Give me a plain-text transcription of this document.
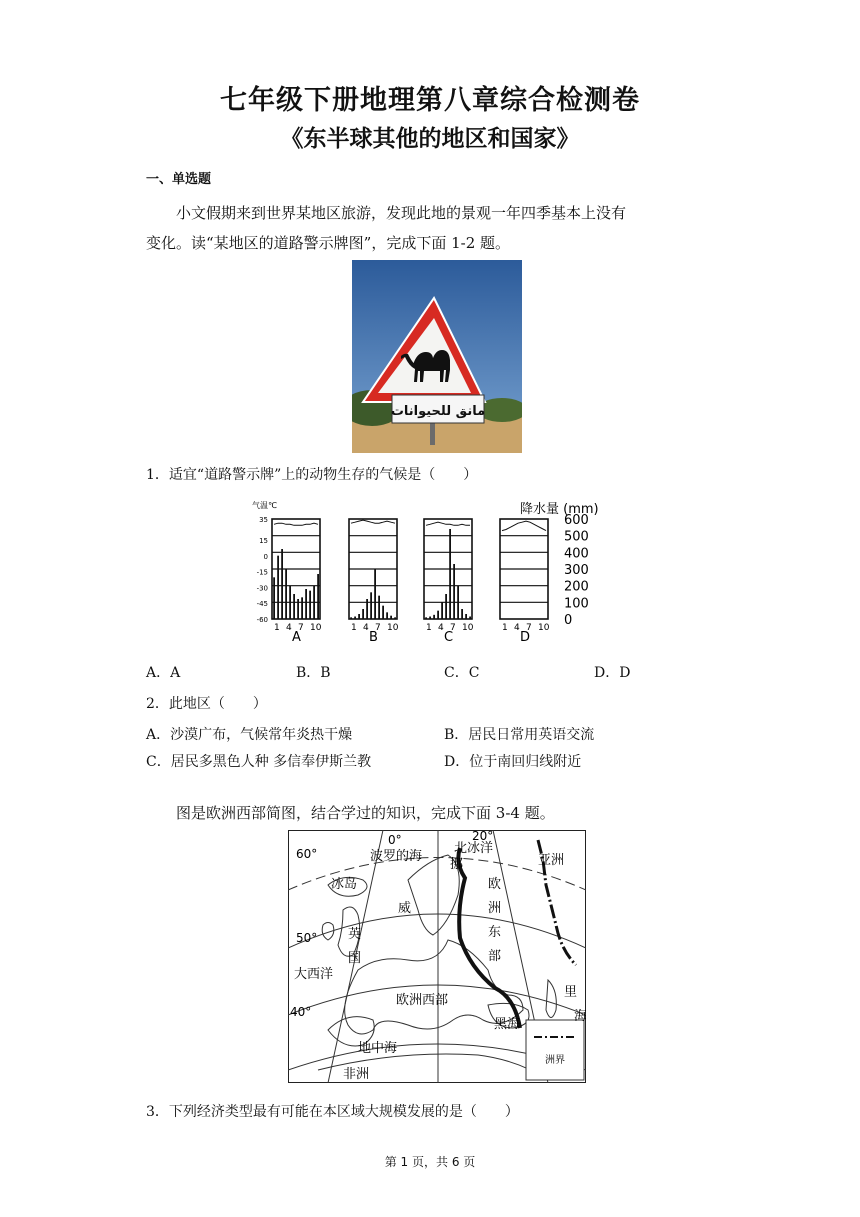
七年级下册地理第八章综合检测卷
《东半球其他的地区和国家》
一、单选题
小文假期来到世界某地区旅游，发现此地的景观一年四季基本上没有
变化。读“某地区的道路警示牌图”，完成下面 1-2 题。
مانق للحيوانات
1．适宜“道路警示牌”上的动物生存的气候是（　　）
气温℃
35
15
0
-15
-30
-45
-60
降水量 (mm)
600
500
400
300
200
100
0
1 4 7 10
A
1 4 7 10
B
1 4 7 10
C
1 4 7 10
D
A．A	B．B	C．C	D．D
2．此地区（　　）
A．沙漠广布，气候常年炎热干燥	B．居民日常用英语交流
C．居民多黑色人种 多信奉伊斯兰教	D．位于南回归线附近
图是欧洲西部简图，结合学过的知识，完成下面 3-4 题。
洲界
60°
50°
40°
0°	20°
波罗的海
北冰洋
亚洲
冰岛
挪
威
英
国
大西洋
欧
洲
东
部
欧洲西部
里
海
黑海
地中海
非洲
3．下列经济类型最有可能在本区域大规模发展的是（　　）
第 1 页，共 6 页
